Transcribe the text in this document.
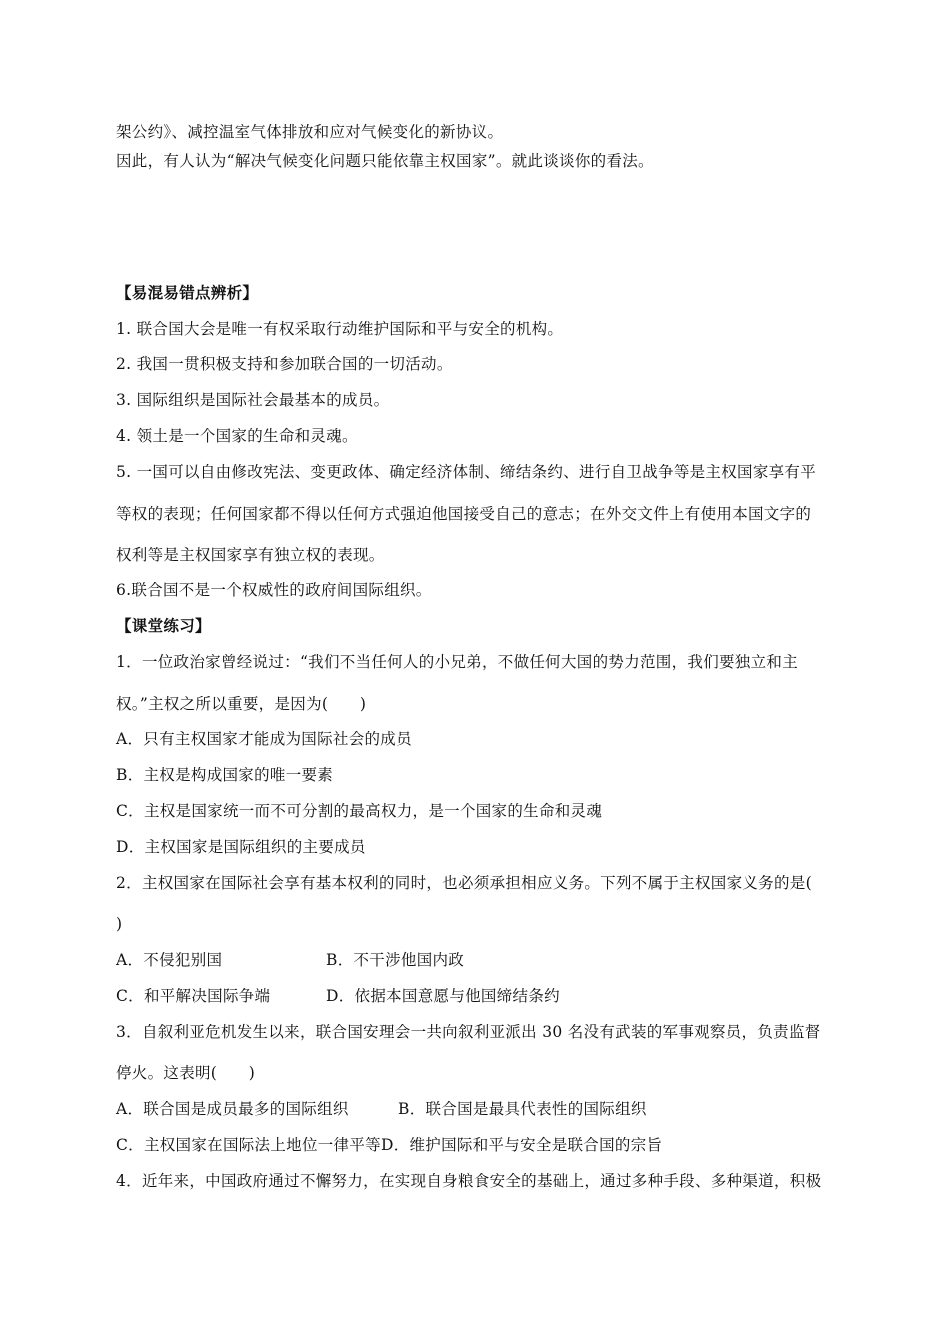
架公约》、减控温室气体排放和应对气候变化的新协议。
因此，有人认为“解决气候变化问题只能依靠主权国家”。就此谈谈你的看法。
【易混易错点辨析】
1. 联合国大会是唯一有权采取行动维护国际和平与安全的机构。
2. 我国一贯积极支持和参加联合国的一切活动。
3. 国际组织是国际社会最基本的成员。
4. 领土是一个国家的生命和灵魂。
5. 一国可以自由修改宪法、变更政体、确定经济体制、缔结条约、进行自卫战争等是主权国家享有平
等权的表现；任何国家都不得以任何方式强迫他国接受自己的意志；在外交文件上有使用本国文字的
权利等是主权国家享有独立权的表现。
6.联合国不是一个权威性的政府间国际组织。
【课堂练习】
1．一位政治家曾经说过：“我们不当任何人的小兄弟，不做任何大国的势力范围，我们要独立和主
权。”主权之所以重要，是因为(　　)
A．只有主权国家才能成为国际社会的成员
B．主权是构成国家的唯一要素
C．主权是国家统一而不可分割的最高权力，是一个国家的生命和灵魂
D．主权国家是国际组织的主要成员
2．主权国家在国际社会享有基本权利的同时，也必须承担相应义务。下列不属于主权国家义务的是(
)
A．不侵犯别国	B．不干涉他国内政
C．和平解决国际争端	D．依据本国意愿与他国缔结条约
3．自叙利亚危机发生以来，联合国安理会一共向叙利亚派出 30 名没有武装的军事观察员，负责监督
停火。这表明(　　)
A．联合国是成员最多的国际组织	B．联合国是最具代表性的国际组织
C．主权国家在国际法上地位一律平等D．维护国际和平与安全是联合国的宗旨
4．近年来，中国政府通过不懈努力，在实现自身粮食安全的基础上，通过多种手段、多种渠道，积极
